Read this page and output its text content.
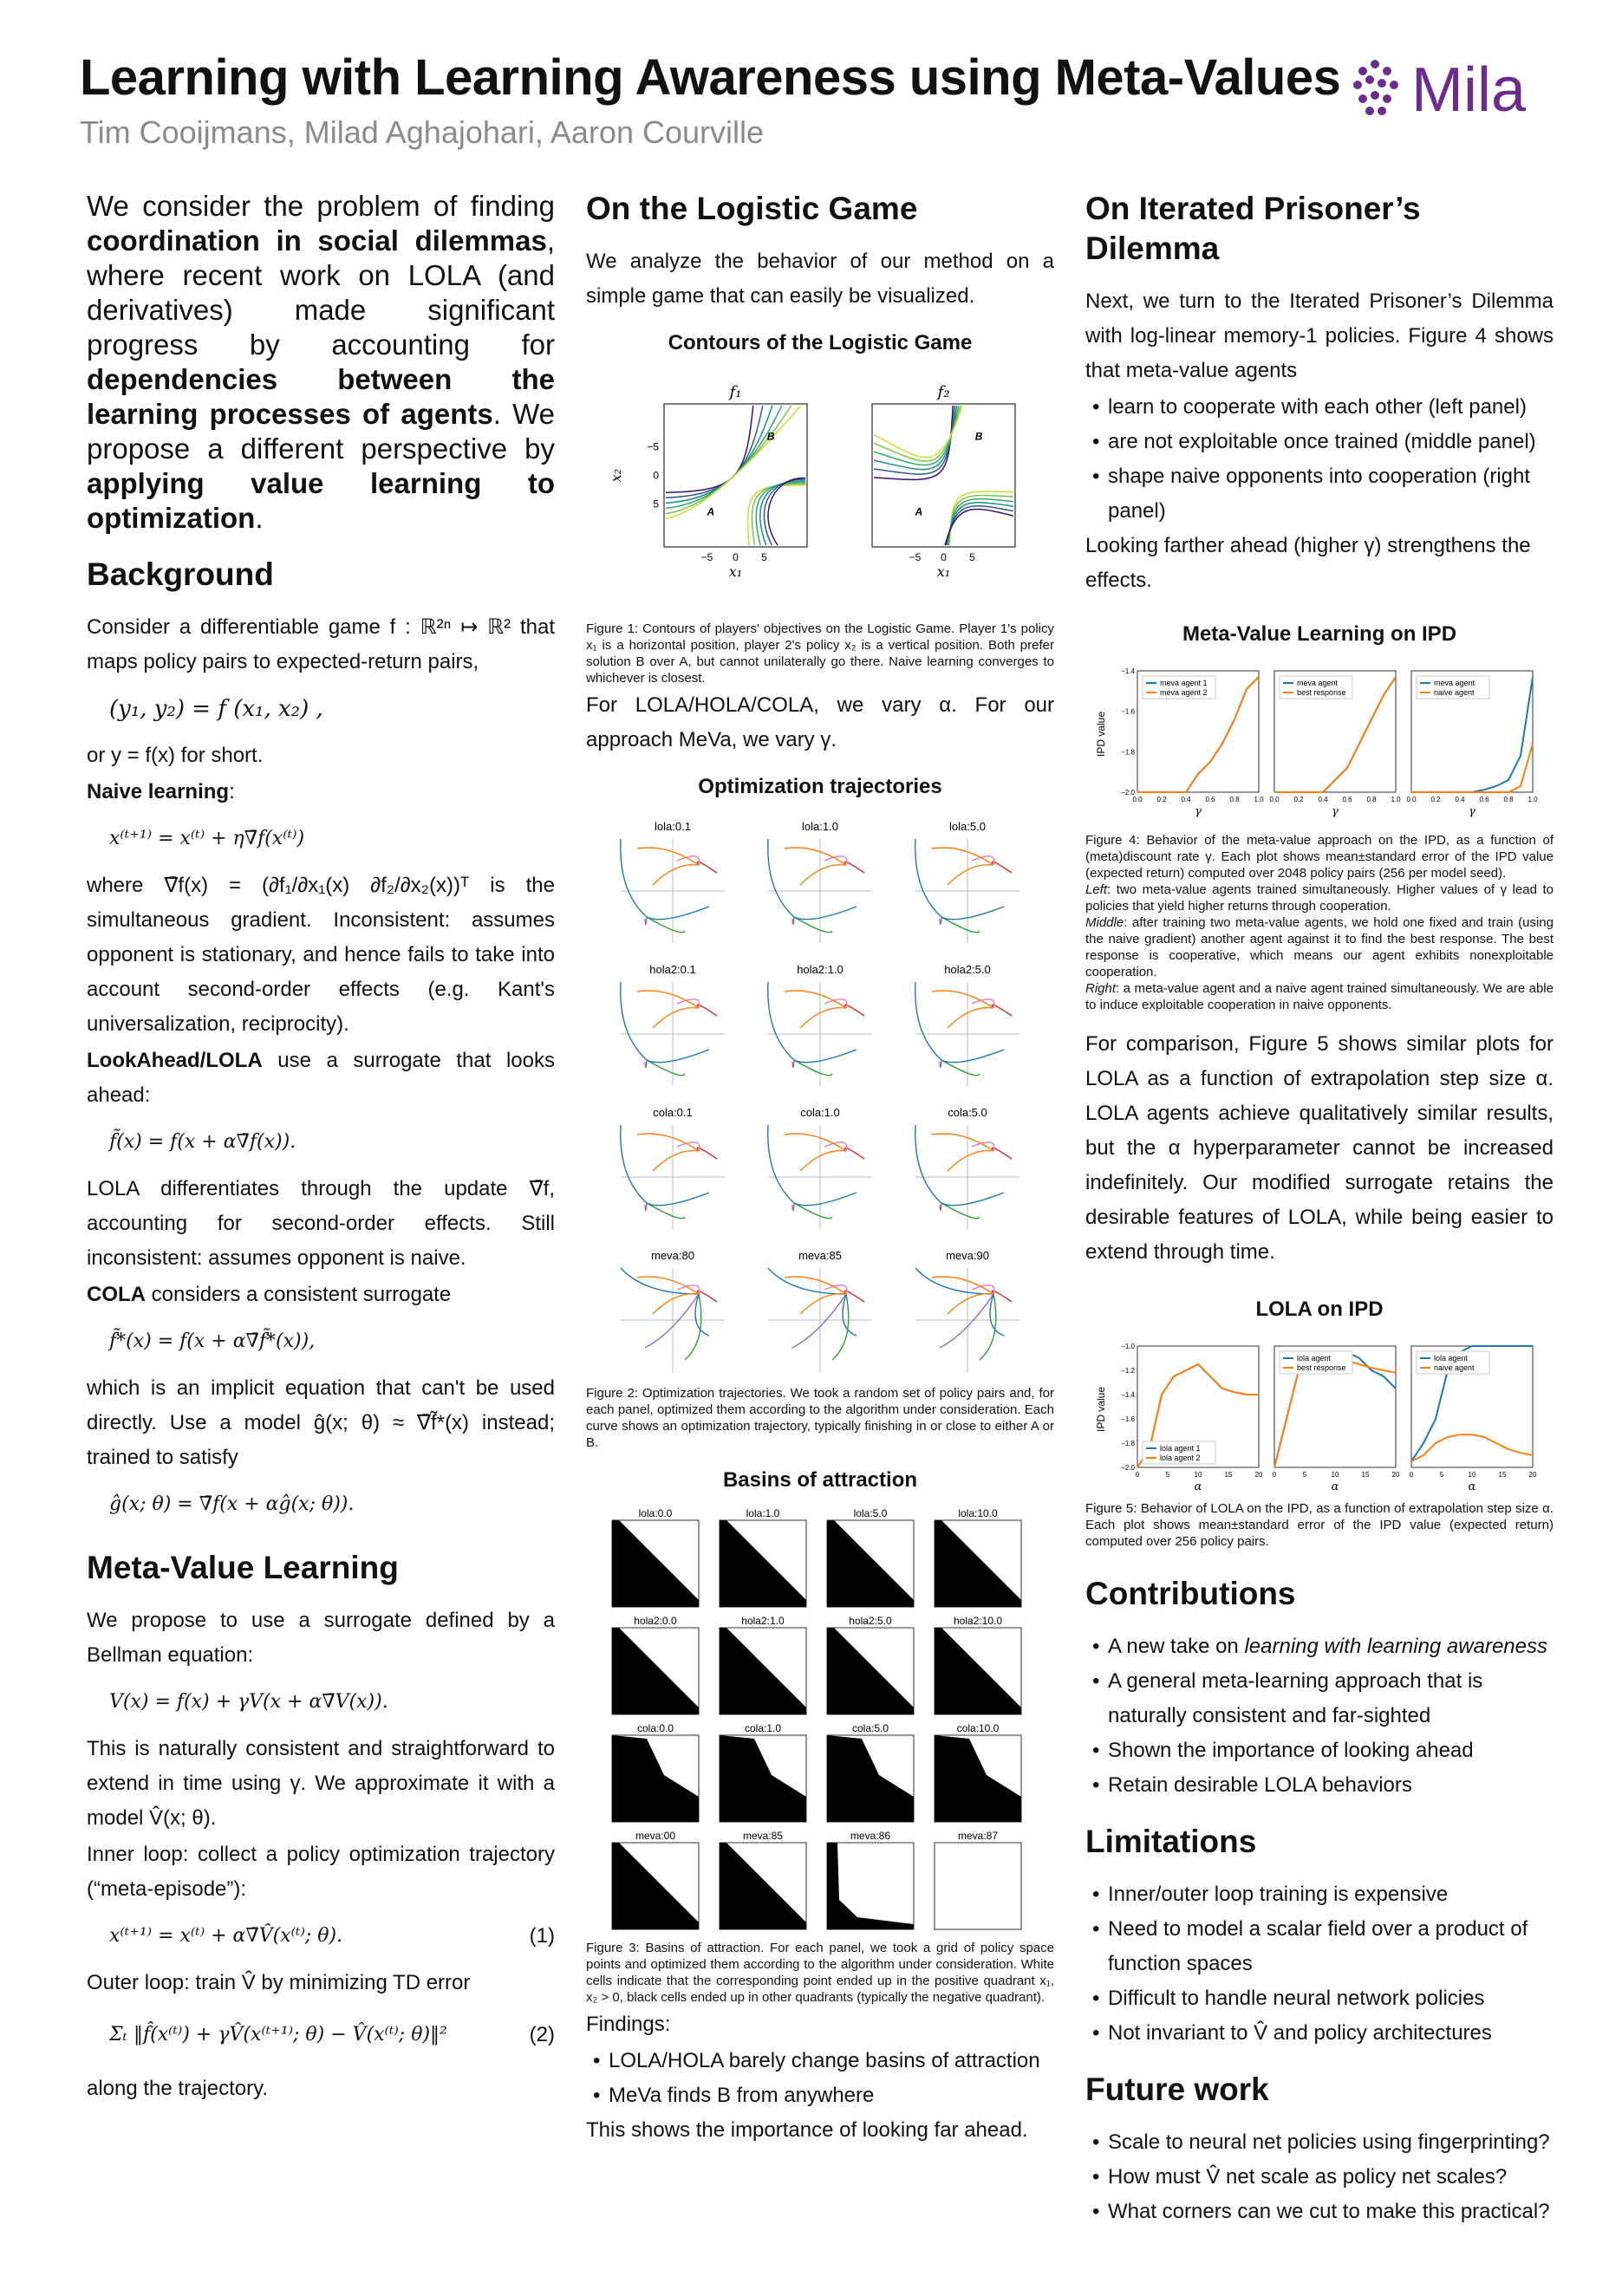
Learning with Learning Awareness using Meta-Values
Tim Cooijmans, Milad Aghajohari, Aaron Courville
Mila

We consider the problem of finding coordination in social dilemmas, where recent work on LOLA (and derivatives) made significant progress by accounting for dependencies between the learning processes of agents. We propose a different perspective by applying value learning to optimization.

Background

Consider a differentiable game f : ℝ²ⁿ ↦ ℝ² that maps policy pairs to expected-return pairs,

(y₁, y₂) = f (x₁, x₂) ,

or y = f(x) for short.

Naive learning:

x⁽ᵗ⁺¹⁾ = x⁽ᵗ⁾ + η∇̄f(x⁽ᵗ⁾)

where ∇̄f(x) = (∂f₁/∂x₁(x) ∂f₂/∂x₂(x))ᵀ is the simultaneous gradient. Inconsistent: assumes opponent is stationary, and hence fails to take into account second-order effects (e.g. Kant's universalization, reciprocity).

LookAhead/LOLA use a surrogate that looks ahead:

f̃(x) = f(x + α∇̄f(x)).

LOLA differentiates through the update ∇̄f, accounting for second-order effects. Still inconsistent: assumes opponent is naive.

COLA considers a consistent surrogate

f̃*(x) = f(x + α∇̄f̃*(x)),

which is an implicit equation that can't be used directly. Use a model ĝ(x; θ) ≈ ∇̄f̃*(x) instead; trained to satisfy

ĝ(x; θ) = ∇̄f(x + αĝ(x; θ)).
Meta-Value Learning

We propose to use a surrogate defined by a Bellman equation:

V(x) = f(x) + γV(x + α∇̄V(x)).

This is naturally consistent and straightforward to extend in time using γ. We approximate it with a model V̂(x; θ).

Inner loop: collect a policy optimization trajectory (“meta-episode”):

x⁽ᵗ⁺¹⁾ = x⁽ᵗ⁾ + α∇̄V̂(x⁽ᵗ⁾; θ).	(1)

Outer loop: train V̂ by minimizing TD error

Σₜ ‖f̂(x⁽ᵗ⁾) + γV̂(x⁽ᵗ⁺¹⁾; θ) − V̂(x⁽ᵗ⁾; θ)‖²	(2)

along the trajectory.

On the Logistic Game

We analyze the behavior of our method on a simple game that can easily be visualized.

Contours of the Logistic Game
f₁
A
B
−5
5
0
0
5
−5
x₁
f₂
A
B
−5 0 5
x₁
x₂

Figure 1: Contours of players' objectives on the Logistic Game. Player 1's policy x₁ is a horizontal position, player 2's policy x₂ is a vertical position. Both prefer solution B over A, but cannot unilaterally go there. Naive learning converges to whichever is closest.

For LOLA/HOLA/COLA, we vary α. For our approach MeVa, we vary γ.

Optimization trajectories
lola:0.1	lola:1.0	lola:5.0
hola2:0.1	hola2:1.0	hola2:5.0
cola:0.1	cola:1.0	cola:5.0
meva:80	meva:85	meva:90

Figure 2: Optimization trajectories. We took a random set of policy pairs and, for each panel, optimized them according to the algorithm under consideration. Each curve shows an optimization trajectory, typically finishing in or close to either A or B.

Basins of attraction
lola:0.0	lola:1.0	lola:5.0	lola:10.0
hola2:0.0	hola2:1.0	hola2:5.0	hola2:10.0
cola:0.0	cola:1.0	cola:5.0	cola:10.0
meva:00	meva:85	meva:86	meva:87

Figure 3: Basins of attraction. For each panel, we took a grid of policy space points and optimized them according to the algorithm under consideration. White cells indicate that the corresponding point ended up in the positive quadrant x₁, x₂ > 0, black cells ended up in other quadrants (typically the negative quadrant).

Findings:

• LOLA/HOLA barely change basins of attraction
• MeVa finds B from anywhere

This shows the importance of looking far ahead.

On Iterated Prisoner’s Dilemma

Next, we turn to the Iterated Prisoner’s Dilemma with log-linear memory-1 policies. Figure 4 shows that meta-value agents

• learn to cooperate with each other (left panel)
• are not exploitable once trained (middle panel)
• shape naive opponents into cooperation (right panel)

Looking farther ahead (higher γ) strengthens the effects.

Meta-Value Learning on IPD
IPD value
meva agent 1
meva agent 2
0.0 0.2 0.4 0.6 0.8 1.0
−1.4
−1.6
−1.8
−2.0
γ
meva agent
best response
0.0 0.2 0.4 0.6 0.8 1.0
γ
meva agent
naive agent
0.0 0.2 0.4 0.6 0.8 1.0
γ
Figure 4: Behavior of the meta-value approach on the IPD, as a function of (meta)discount rate γ. Each plot shows mean±standard error of the IPD value (expected return) computed over 2048 policy pairs (256 per model seed).
Left: two meta-value agents trained simultaneously. Higher values of γ lead to policies that yield higher returns through cooperation.
Middle: after training two meta-value agents, we hold one fixed and train (using the naive gradient) another agent against it to find the best response. The best response is cooperative, which means our agent exhibits nonexploitable cooperation.
Right: a meta-value agent and a naive agent trained simultaneously. We are able to induce exploitable cooperation in naive opponents.

For comparison, Figure 5 shows similar plots for LOLA as a function of extrapolation step size α. LOLA agents achieve qualitatively similar results, but the α hyperparameter cannot be increased indefinitely. Our modified surrogate retains the desirable features of LOLA, while being easier to extend through time.

LOLA on IPD
IPD value
lola agent 1
lola agent 2
0	5	10	15	20
−1.0
−1.2
−1.4
−1.6
−1.8
−2.0
α
lola agent
best response
0	5	10	15	20
α
lola agent
naive agent
0	5	10	15	20
α

Figure 5: Behavior of LOLA on the IPD, as a function of extrapolation step size α. Each plot shows mean±standard error of the IPD value (expected return) computed over 256 policy pairs.

Contributions
• A new take on learning with learning awareness
• A general meta-learning approach that is naturally consistent and far-sighted
• Shown the importance of looking ahead
• Retain desirable LOLA behaviors
Limitations
• Inner/outer loop training is expensive
• Need to model a scalar field over a product of function spaces
• Difficult to handle neural network policies
• Not invariant to V̂ and policy architectures
Future work
• Scale to neural net policies using fingerprinting?
• How must V̂ net scale as policy net scales?
• What corners can we cut to make this practical?
